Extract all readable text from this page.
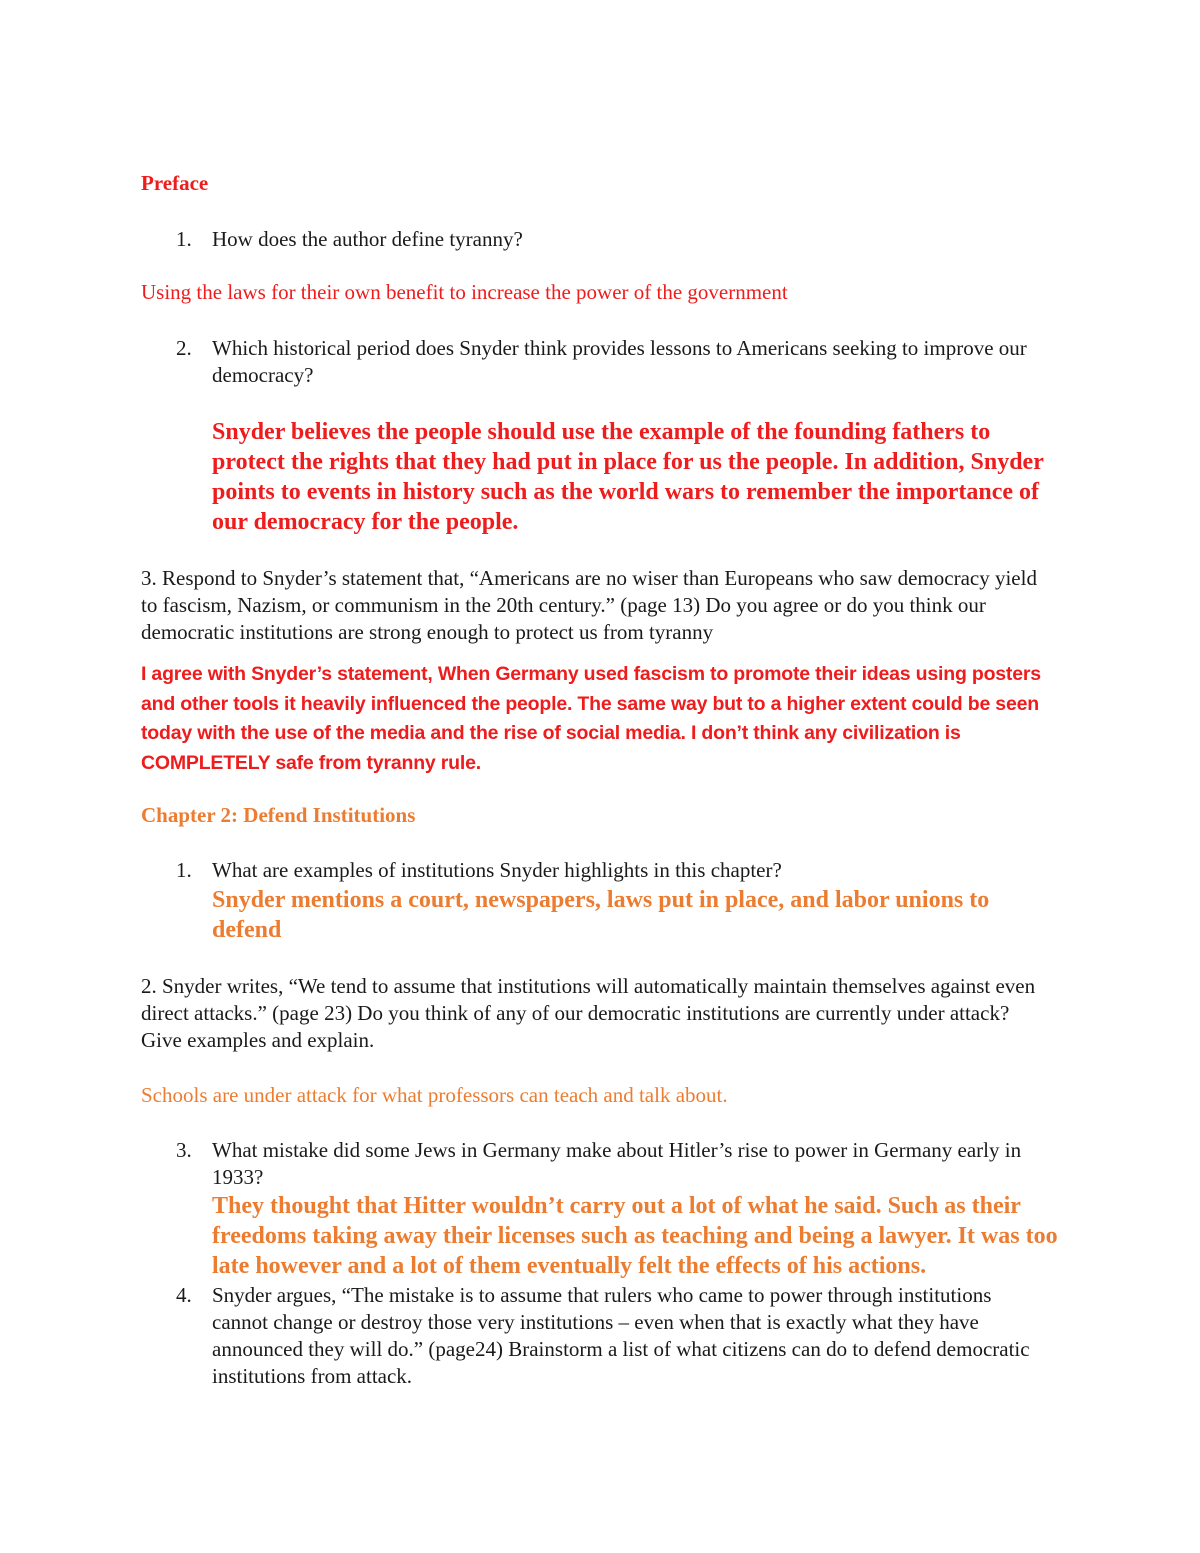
Preface

1. How does the author define tyranny?

Using the laws for their own benefit to increase the power of the government

2. Which historical period does Snyder think provides lessons to Americans seeking to improve our democracy?

Snyder believes the people should use the example of the founding fathers to protect the rights that they had put in place for us the people. In addition, Snyder points to events in history such as the world wars to remember the importance of our democracy for the people.

3. Respond to Snyder’s statement that, “Americans are no wiser than Europeans who saw democracy yield to fascism, Nazism, or communism in the 20th century.” (page 13) Do you agree or do you think our democratic institutions are strong enough to protect us from tyranny

I agree with Snyder’s statement, When Germany used fascism to promote their ideas using posters and other tools it heavily influenced the people. The same way but to a higher extent could be seen today with the use of the media and the rise of social media. I don’t think any civilization is COMPLETELY safe from tyranny rule.

Chapter 2: Defend Institutions

1. What are examples of institutions Snyder highlights in this chapter?

Snyder mentions a court, newspapers, laws put in place, and labor unions to defend

2. Snyder writes, “We tend to assume that institutions will automatically maintain themselves against even direct attacks.” (page 23) Do you think of any of our democratic institutions are currently under attack? Give examples and explain.

Schools are under attack for what professors can teach and talk about.

3. What mistake did some Jews in Germany make about Hitler’s rise to power in Germany early in 1933?

They thought that Hitter wouldn’t carry out a lot of what he said. Such as their freedoms taking away their licenses such as teaching and being a lawyer. It was too late however and a lot of them eventually felt the effects of his actions.

4. Snyder argues, “The mistake is to assume that rulers who came to power through institutions cannot change or destroy those very institutions – even when that is exactly what they have announced they will do.” (page24) Brainstorm a list of what citizens can do to defend democratic institutions from attack.
